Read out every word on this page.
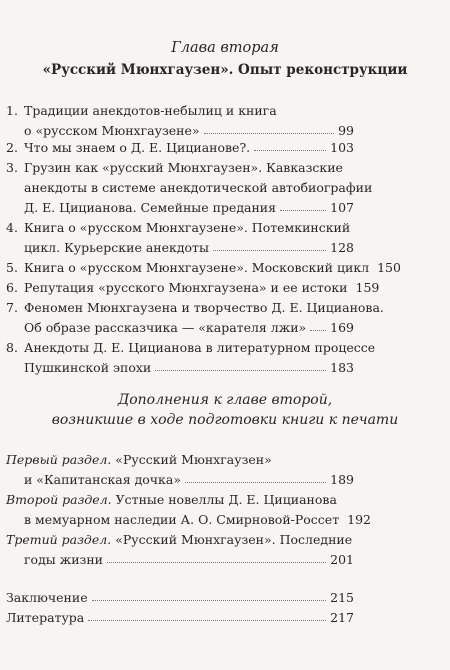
Глава вторая
«Русский Мюнхгаузен». Опыт реконструкции
1. Традиции анекдотов-небылиц и книга
о «русском Мюнхгаузене»	99
2. Что мы знаем о Д. Е. Цицианове?.	103
3. Грузин как «русский Мюнхгаузен». Кавказские
анекдоты в системе анекдотической автобиографии
Д. Е. Цицианова. Семейные предания	107
4. Книга о «русском Мюнхгаузене». Потемкинский
цикл. Курьерские анекдоты	128
5. Книга о «русском Мюнхгаузене». Московский цикл 150
6. Репутация «русского Мюнхгаузена» и ее истоки 159
7. Феномен Мюнхгаузена и творчество Д. Е. Цицианова.
Об образе рассказчика — «карателя лжи» 169
8. Анекдоты Д. Е. Цицианова в литературном процессе
Пушкинской эпохи	183
Дополнения к главе второй,
возникшие в ходе подготовки книги к печати
Первый раздел. «Русский Мюнхгаузен»
и «Капитанская дочка»	189
Второй раздел. Устные новеллы Д. Е. Цицианова
в мемуарном наследии А. О. Смирновой-Россет 192
Третий раздел. «Русский Мюнхгаузен». Последние
годы жизни	201
Заключение	215
Литература	217
